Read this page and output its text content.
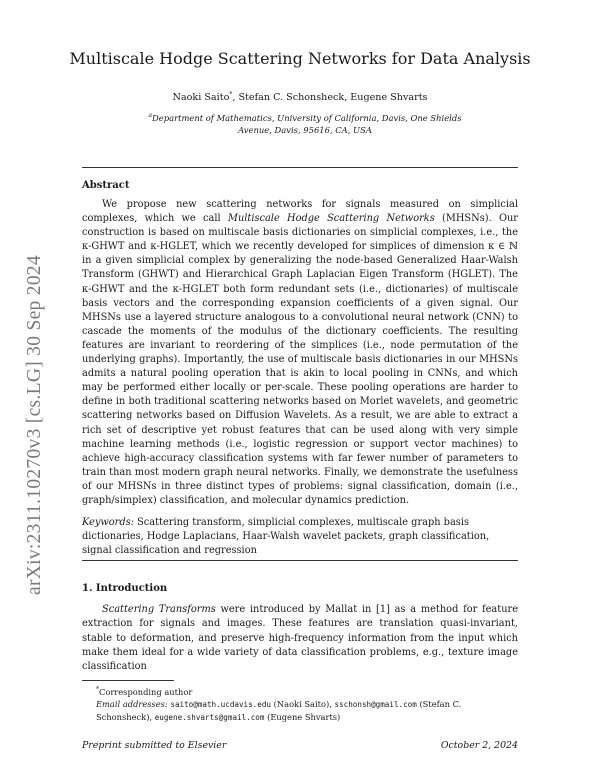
arXiv:2311.10270v3 [cs.LG] 30 Sep 2024
Multiscale Hodge Scattering Networks for Data Analysis
Naoki Saito*, Stefan C. Schonsheck, Eugene Shvarts
$^a$Department of Mathematics, University of California, Davis, One Shields
Avenue, Davis, 95616, CA, USA
Abstract
We propose new scattering networks for signals measured on simplicial complexes, which we call Multiscale Hodge Scattering Networks (MHSNs). Our construction is based on multiscale basis dictionaries on simplicial complexes, i.e., the κ-GHWT and κ-HGLET, which we recently developed for simplices of dimension κ ∈ ℕ in a given simplicial complex by generalizing the node-based Generalized Haar-Walsh Transform (GHWT) and Hierarchical Graph Laplacian Eigen Transform (HGLET). The κ-GHWT and the κ-HGLET both form redundant sets (i.e., dictionaries) of multiscale basis vectors and the corresponding expansion coefficients of a given signal. Our MHSNs use a layered structure analogous to a convolutional neural network (CNN) to cascade the moments of the modulus of the dictionary coefficients. The resulting features are invariant to reordering of the simplices (i.e., node permutation of the underlying graphs). Importantly, the use of multiscale basis dictionaries in our MHSNs admits a natural pooling operation that is akin to local pooling in CNNs, and which may be performed either locally or per-scale. These pooling operations are harder to define in both traditional scattering networks based on Morlet wavelets, and geometric scattering networks based on Diffusion Wavelets. As a result, we are able to extract a rich set of descriptive yet robust features that can be used along with very simple machine learning methods (i.e., logistic regression or support vector machines) to achieve high-accuracy classification systems with far fewer number of parameters to train than most modern graph neural networks. Finally, we demonstrate the usefulness of our MHSNs in three distinct types of problems: signal classification, domain (i.e., graph/simplex) classification, and molecular dynamics prediction.
Keywords: Scattering transform, simplicial complexes, multiscale graph basis dictionaries, Hodge Laplacians, Haar-Walsh wavelet packets, graph classification, signal classification and regression
1. Introduction
Scattering Transforms were introduced by Mallat in [1] as a method for feature extraction for signals and images. These features are translation quasi-invariant, stable to deformation, and preserve high-frequency information from the input which make them ideal for a wide variety of data classification problems, e.g., texture image classification
*Corresponding author
Email addresses: saito@math.ucdavis.edu (Naoki Saito), sschonsh@gmail.com (Stefan C. Schonsheck), eugene.shvarts@gmail.com (Eugene Shvarts)
Preprint submitted to Elsevier	October 2, 2024
